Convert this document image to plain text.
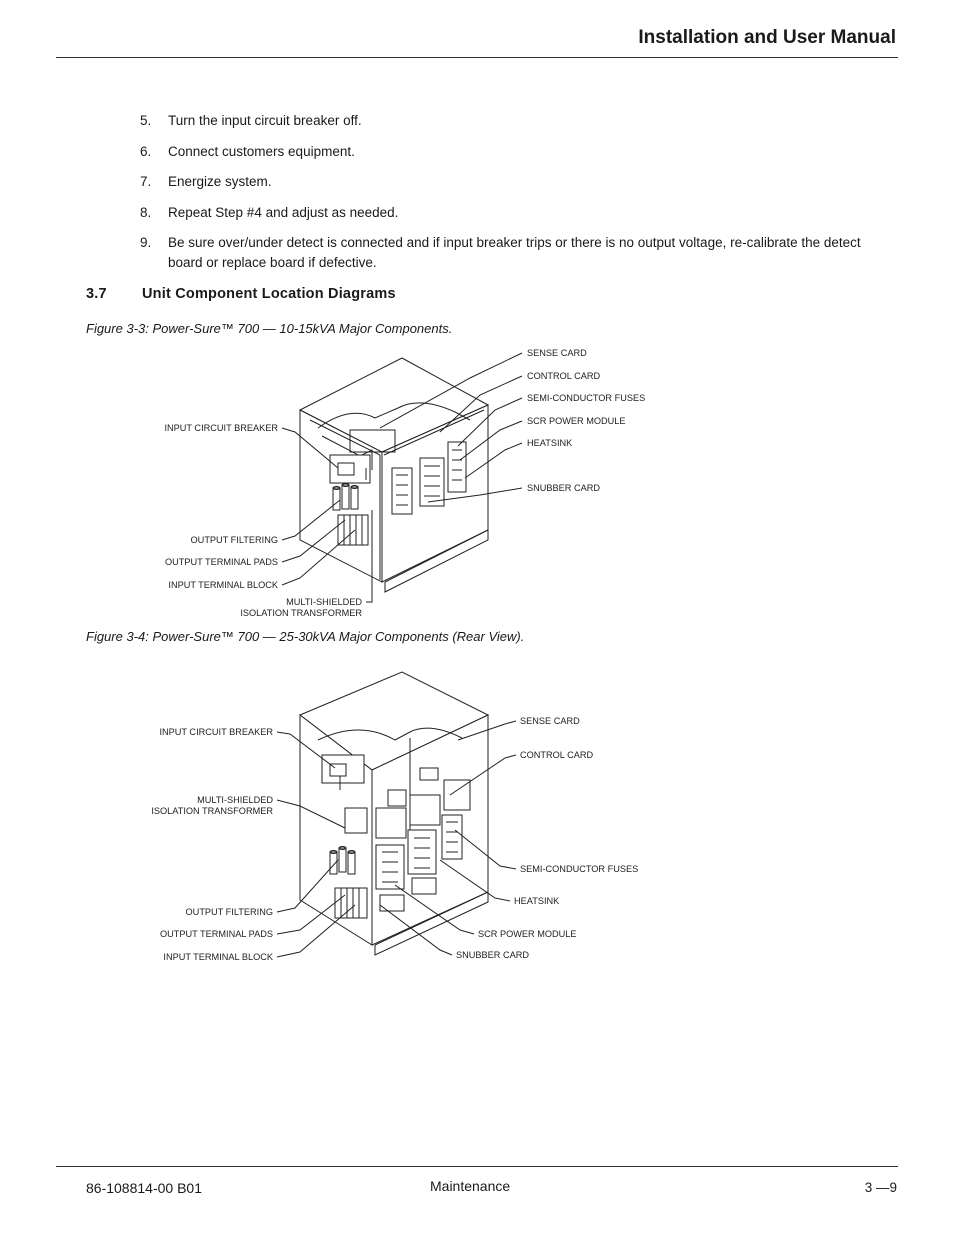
Installation and User Manual
5.	Turn the input circuit breaker off.
6.	Connect customers equipment.
7.	Energize system.
8.	Repeat Step #4 and adjust as needed.
9.	Be sure over/under detect is connected and if input breaker trips or there is no output voltage, re-calibrate the detect board or replace board if defective.
3.7 Unit Component Location Diagrams
Figure 3-3: Power-Sure™ 700 — 10-15kVA Major Components.
SENSE CARD
CONTROL CARD
SEMI-CONDUCTOR FUSES
SCR POWER MODULE
HEATSINK
SNUBBER CARD
INPUT CIRCUIT BREAKER
OUTPUT FILTERING
OUTPUT TERMINAL PADS
INPUT TERMINAL BLOCK
MULTI-SHIELDED
ISOLATION TRANSFORMER
Figure 3-4: Power-Sure™ 700 — 25-30kVA Major Components (Rear View).
INPUT CIRCUIT BREAKER
MULTI-SHIELDED
ISOLATION TRANSFORMER
OUTPUT FILTERING
OUTPUT TERMINAL PADS
INPUT TERMINAL BLOCK
SENSE CARD
CONTROL CARD
SEMI-CONDUCTOR FUSES
HEATSINK
SCR POWER MODULE
SNUBBER CARD
86-108814-00 B01	Maintenance	3 —9
